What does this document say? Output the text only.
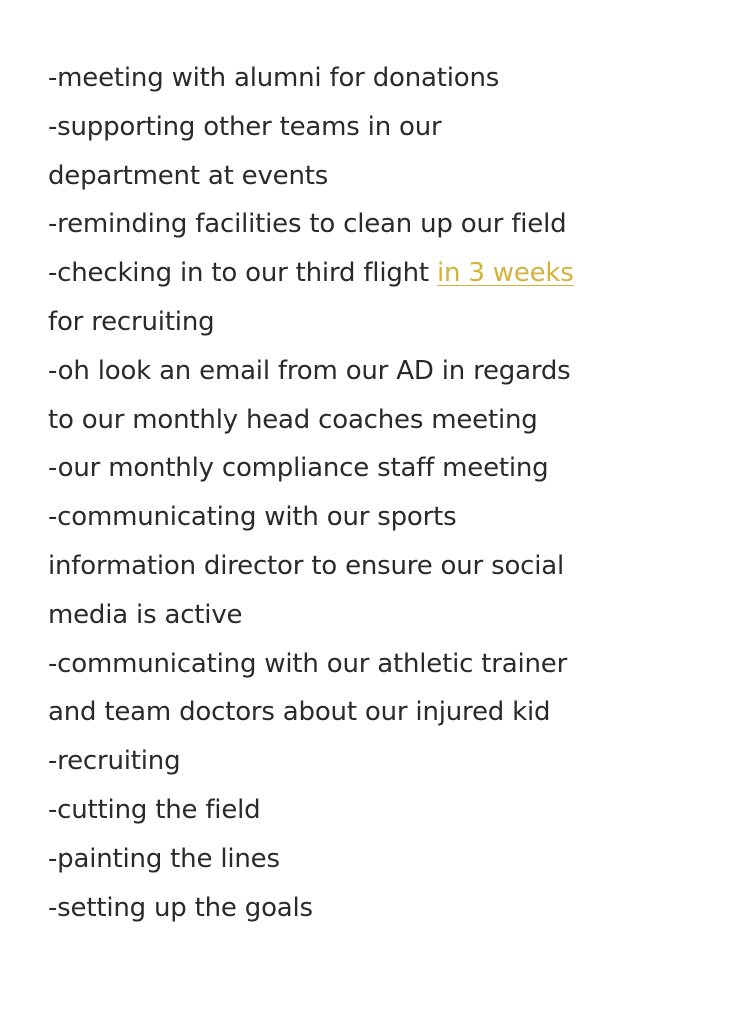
-meeting with alumni for donations
-supporting other teams in our
department at events
-reminding facilities to clean up our field
-checking in to our third flight in 3 weeks
for recruiting
-oh look an email from our AD in regards
to our monthly head coaches meeting
-our monthly compliance staff meeting
-communicating with our sports
information director to ensure our social
media is active
-communicating with our athletic trainer
and team doctors about our injured kid
-recruiting
-cutting the field
-painting the lines
-setting up the goals
